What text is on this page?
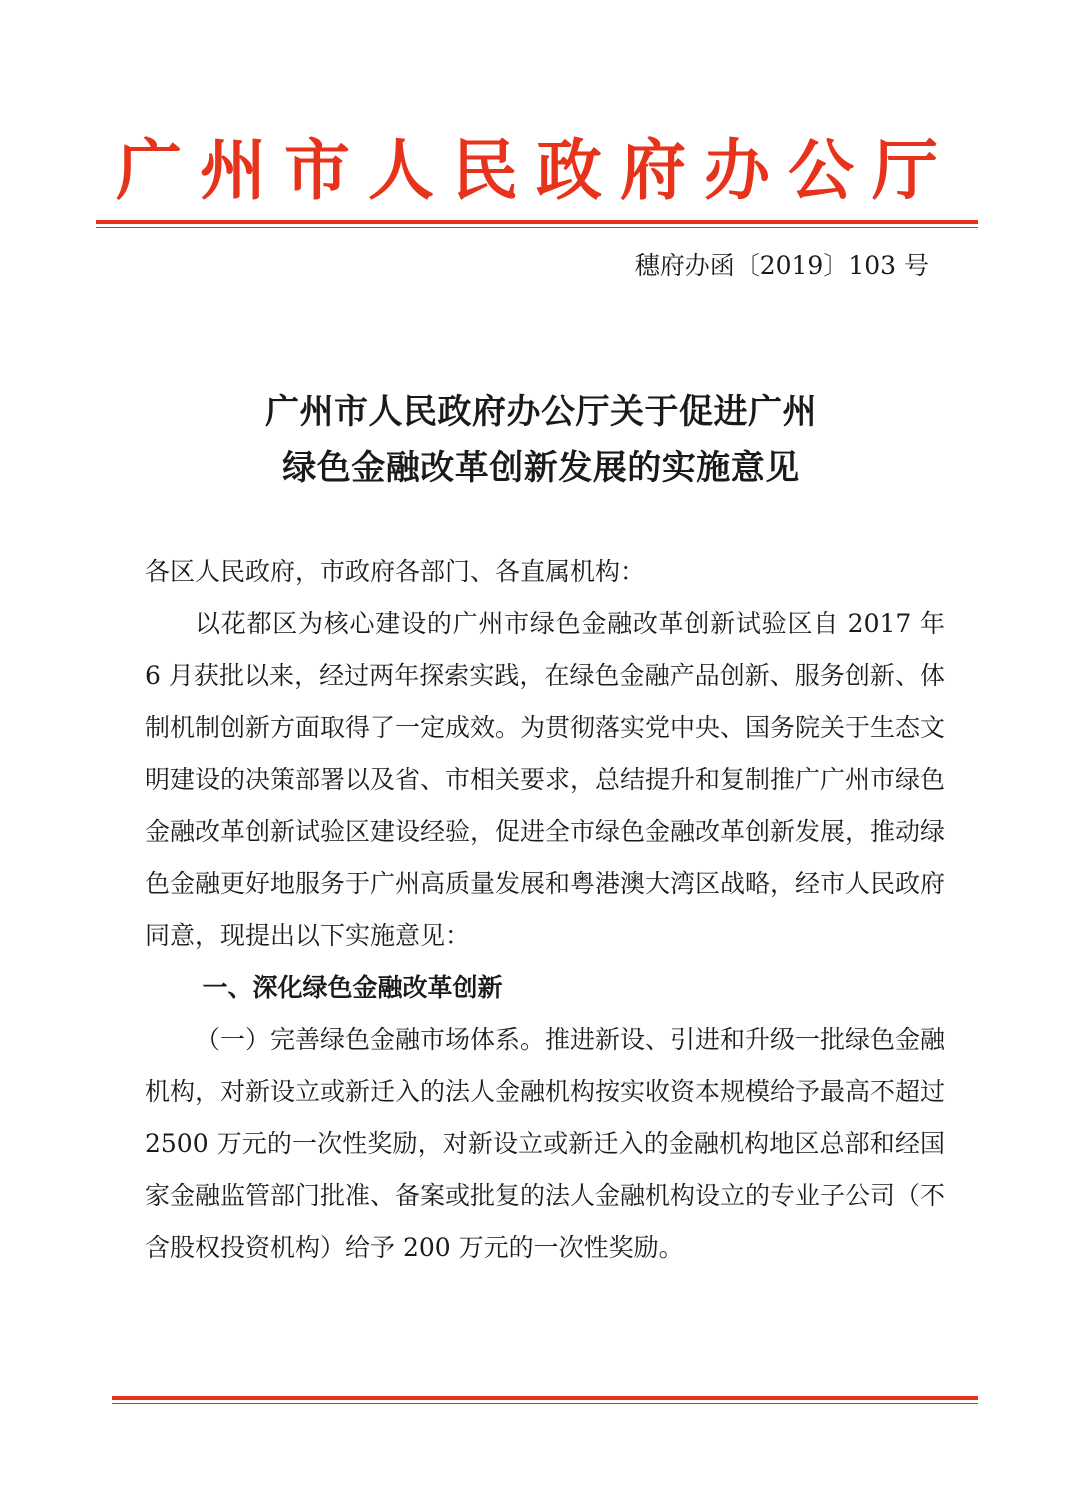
广州市人民政府办公厅
穗府办函〔2019〕103 号
广州市人民政府办公厅关于促进广州
绿色金融改革创新发展的实施意见

各区人民政府，市政府各部门、各直属机构：

以花都区为核心建设的广州市绿色金融改革创新试验区自 2017 年 6 月获批以来，经过两年探索实践，在绿色金融产品创新、服务创新、体制机制创新方面取得了一定成效。为贯彻落实党中央、国务院关于生态文明建设的决策部署以及省、市相关要求，总结提升和复制推广广州市绿色金融改革创新试验区建设经验，促进全市绿色金融改革创新发展，推动绿色金融更好地服务于广州高质量发展和粤港澳大湾区战略，经市人民政府同意，现提出以下实施意见：

一、深化绿色金融改革创新

（一）完善绿色金融市场体系。推进新设、引进和升级一批绿色金融机构，对新设立或新迁入的法人金融机构按实收资本规模给予最高不超过 2500 万元的一次性奖励，对新设立或新迁入的金融机构地区总部和经国家金融监管部门批准、备案或批复的法人金融机构设立的专业子公司（不含股权投资机构）给予 200 万元的一次性奖励。
